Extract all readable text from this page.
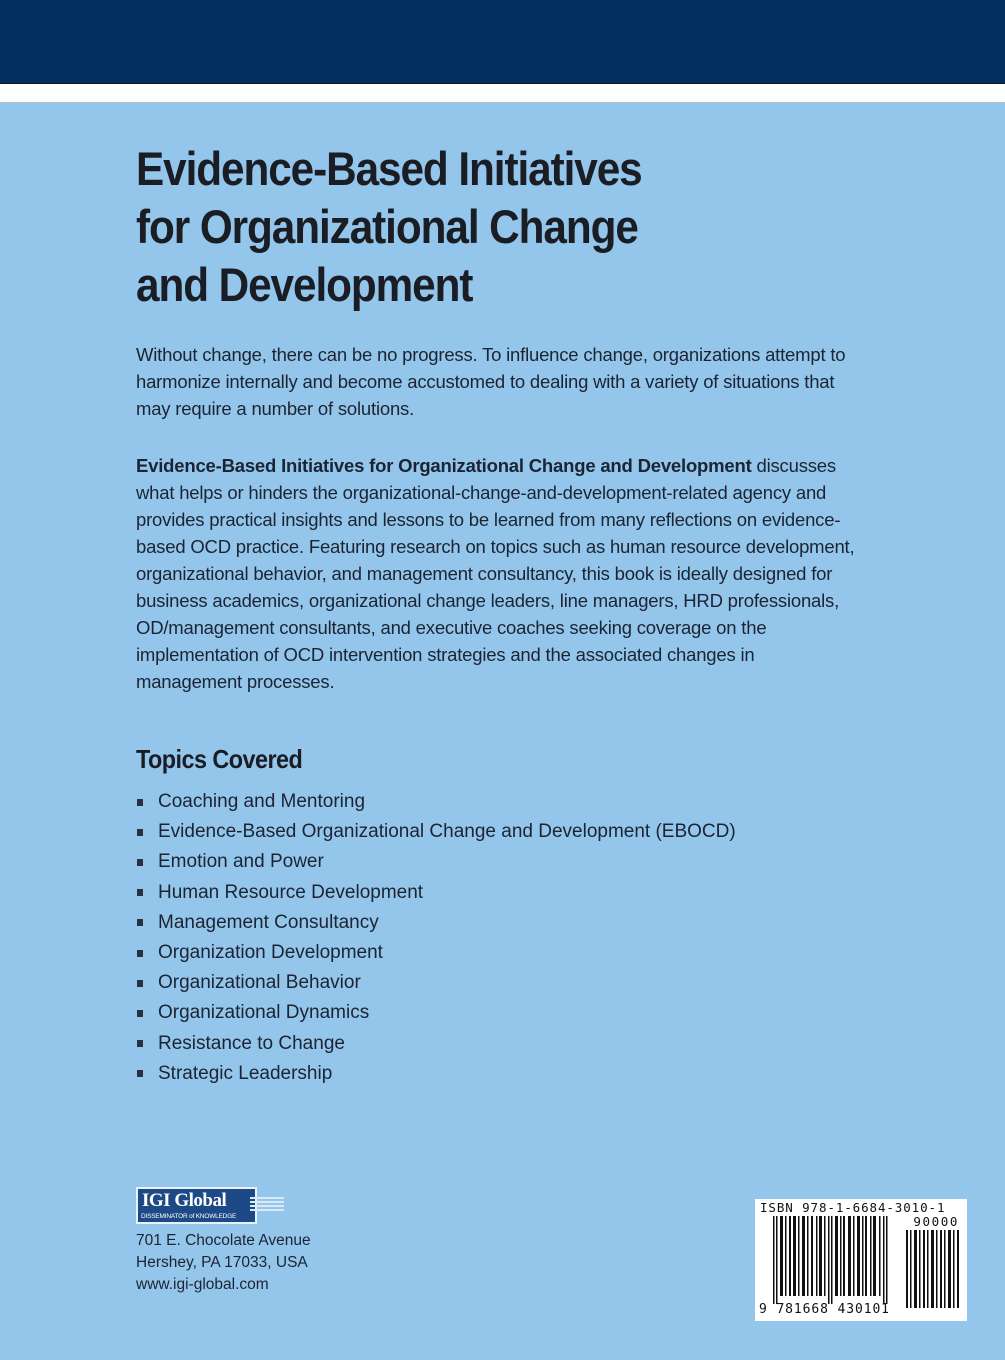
Evidence-Based Initiatives
for Organizational Change
and Development

Without change, there can be no progress. To influence change, organizations attempt to harmonize internally and become accustomed to dealing with a variety of situations that may require a number of solutions.

Evidence-Based Initiatives for Organizational Change and Development discusses what helps or hinders the organizational-change-and-development-related agency and provides practical insights and lessons to be learned from many reflections on evidence-based OCD practice. Featuring research on topics such as human resource development, organizational behavior, and management consultancy, this book is ideally designed for business academics, organizational change leaders, line managers, HRD professionals, OD/management consultants, and executive coaches seeking coverage on the implementation of OCD intervention strategies and the associated changes in management processes.

Topics Covered
Coaching and Mentoring
Evidence-Based Organizational Change and Development (EBOCD)
Emotion and Power
Human Resource Development
Management Consultancy
Organization Development
Organizational Behavior
Organizational Dynamics
Resistance to Change
Strategic Leadership
IGI Global
DISSEMINATOR of KNOWLEDGE
701 E. Chocolate Avenue
Hershey, PA 17033, USA
www.igi-global.com
ISBN 978-1-6684-3010-1
90000
9 781668 430101
